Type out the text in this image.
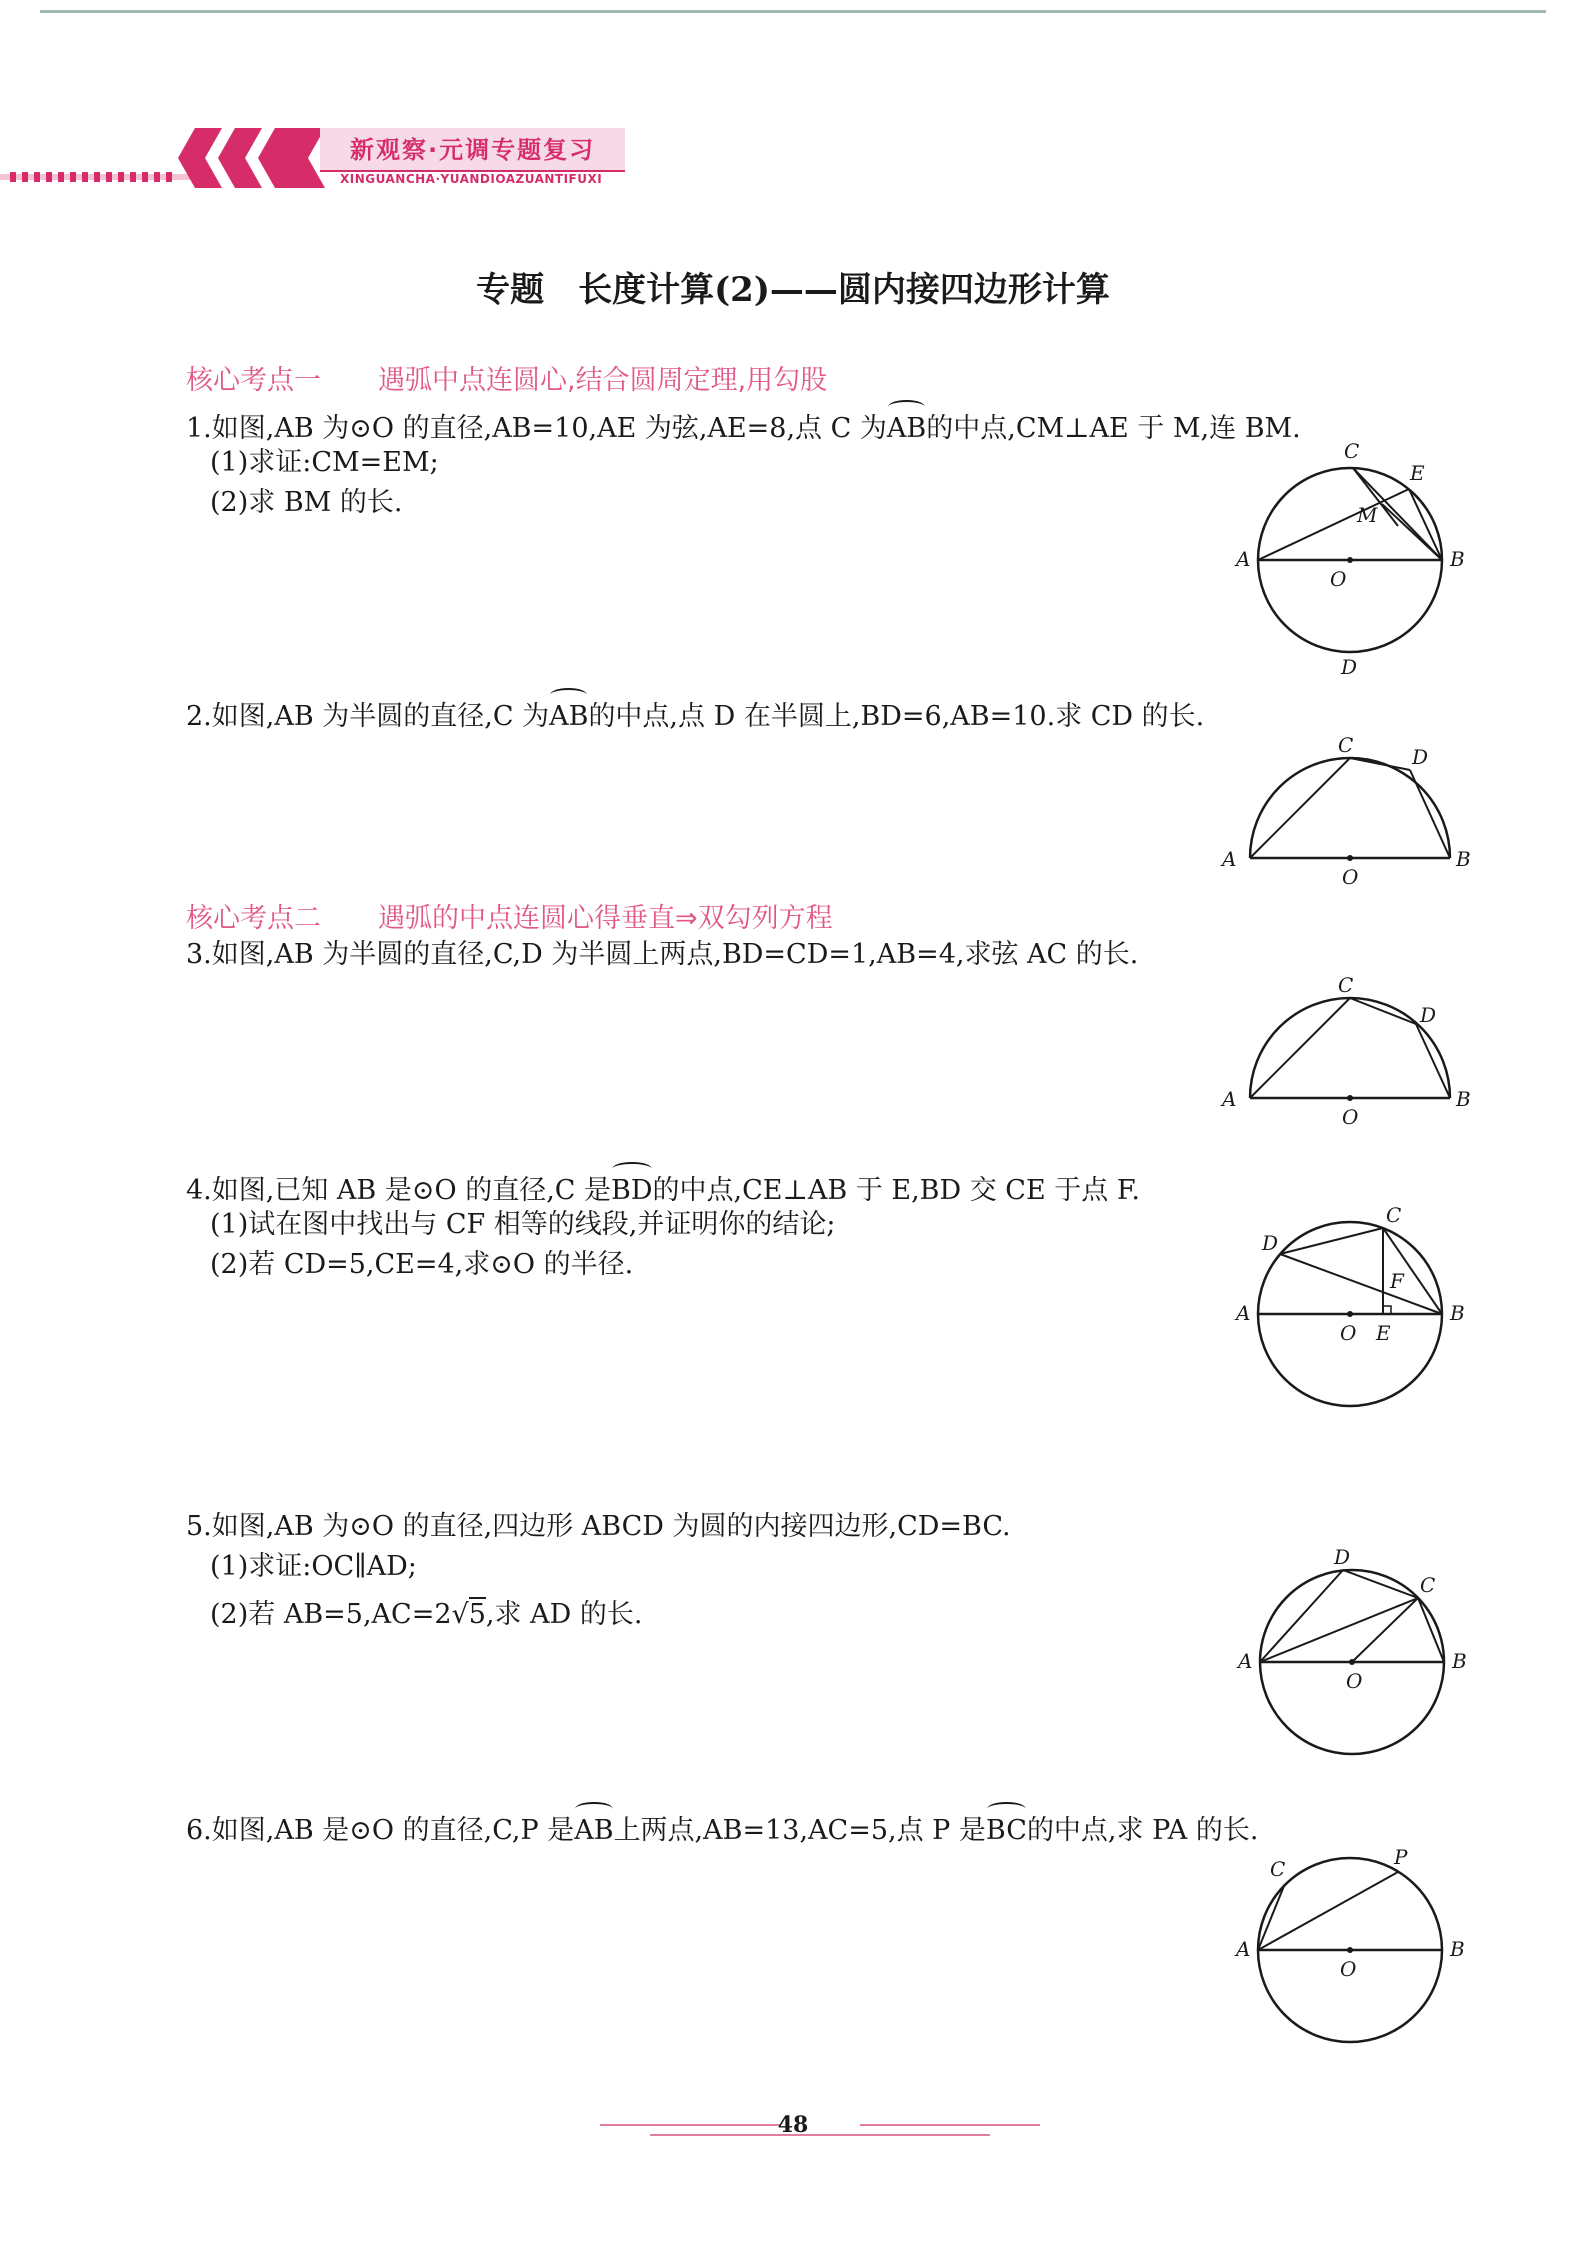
新观察·元调专题复习
XINGUANCHA·YUANDIOAZUANTIFUXI
专题　长度计算(2)——圆内接四边形计算
核心考点一 遇弧中点连圆心,结合圆周定理,用勾股
1.如图,AB 为⊙O 的直径,AB=10,AE 为弦,AE=8,点 C 为AB的中点,CM⊥AE 于 M,连 BM.
(1)求证:CM=EM;
(2)求 BM 的长.
C
E
M
A
O
B
D
2.如图,AB 为半圆的直径,C 为AB的中点,点 D 在半圆上,BD=6,AB=10.求 CD 的长.
C	D
A
O
B
核心考点二 遇弧的中点连圆心得垂直⇒双勾列方程
3.如图,AB 为半圆的直径,C,D 为半圆上两点,BD=CD=1,AB=4,求弦 AC 的长.
C
D
A
O
B
4.如图,已知 AB 是⊙O 的直径,C 是BD的中点,CE⊥AB 于 E,BD 交 CE 于点 F.
(1)试在图中找出与 CF 相等的线段,并证明你的结论;
(2)若 CD=5,CE=4,求⊙O 的半径.
C
D
F
A
O E
B
5.如图,AB 为⊙O 的直径,四边形 ABCD 为圆的内接四边形,CD=BC.
(1)求证:OC∥AD;
(2)若 AB=5,AC=2√5,求 AD 的长.
D
C
A
O
B
6.如图,AB 是⊙O 的直径,C,P 是AB上两点,AB=13,AC=5,点 P 是BC的中点,求 PA 的长.
C	P
A
O
B
48
